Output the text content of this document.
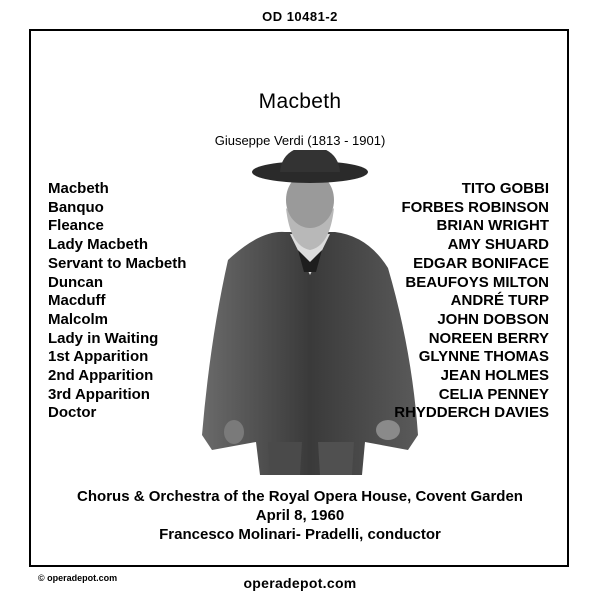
OD 10481-2
Macbeth
Giuseppe Verdi (1813 - 1901)
Macbeth
Banquo
Fleance
Lady Macbeth
Servant to Macbeth
Duncan
Macduff
Malcolm
Lady in Waiting
1st Apparition
2nd Apparition
3rd Apparition
Doctor
TITO GOBBI
FORBES ROBINSON
BRIAN WRIGHT
AMY SHUARD
EDGAR BONIFACE
BEAUFOYS MILTON
ANDRÉ TURP
JOHN DOBSON
NOREEN BERRY
GLYNNE THOMAS
JEAN HOLMES
CELIA PENNEY
RHYDDERCH DAVIES
Chorus & Orchestra of the Royal Opera House, Covent Garden
April 8, 1960
Francesco Molinari- Pradelli, conductor
© operadepot.com	operadepot.com
